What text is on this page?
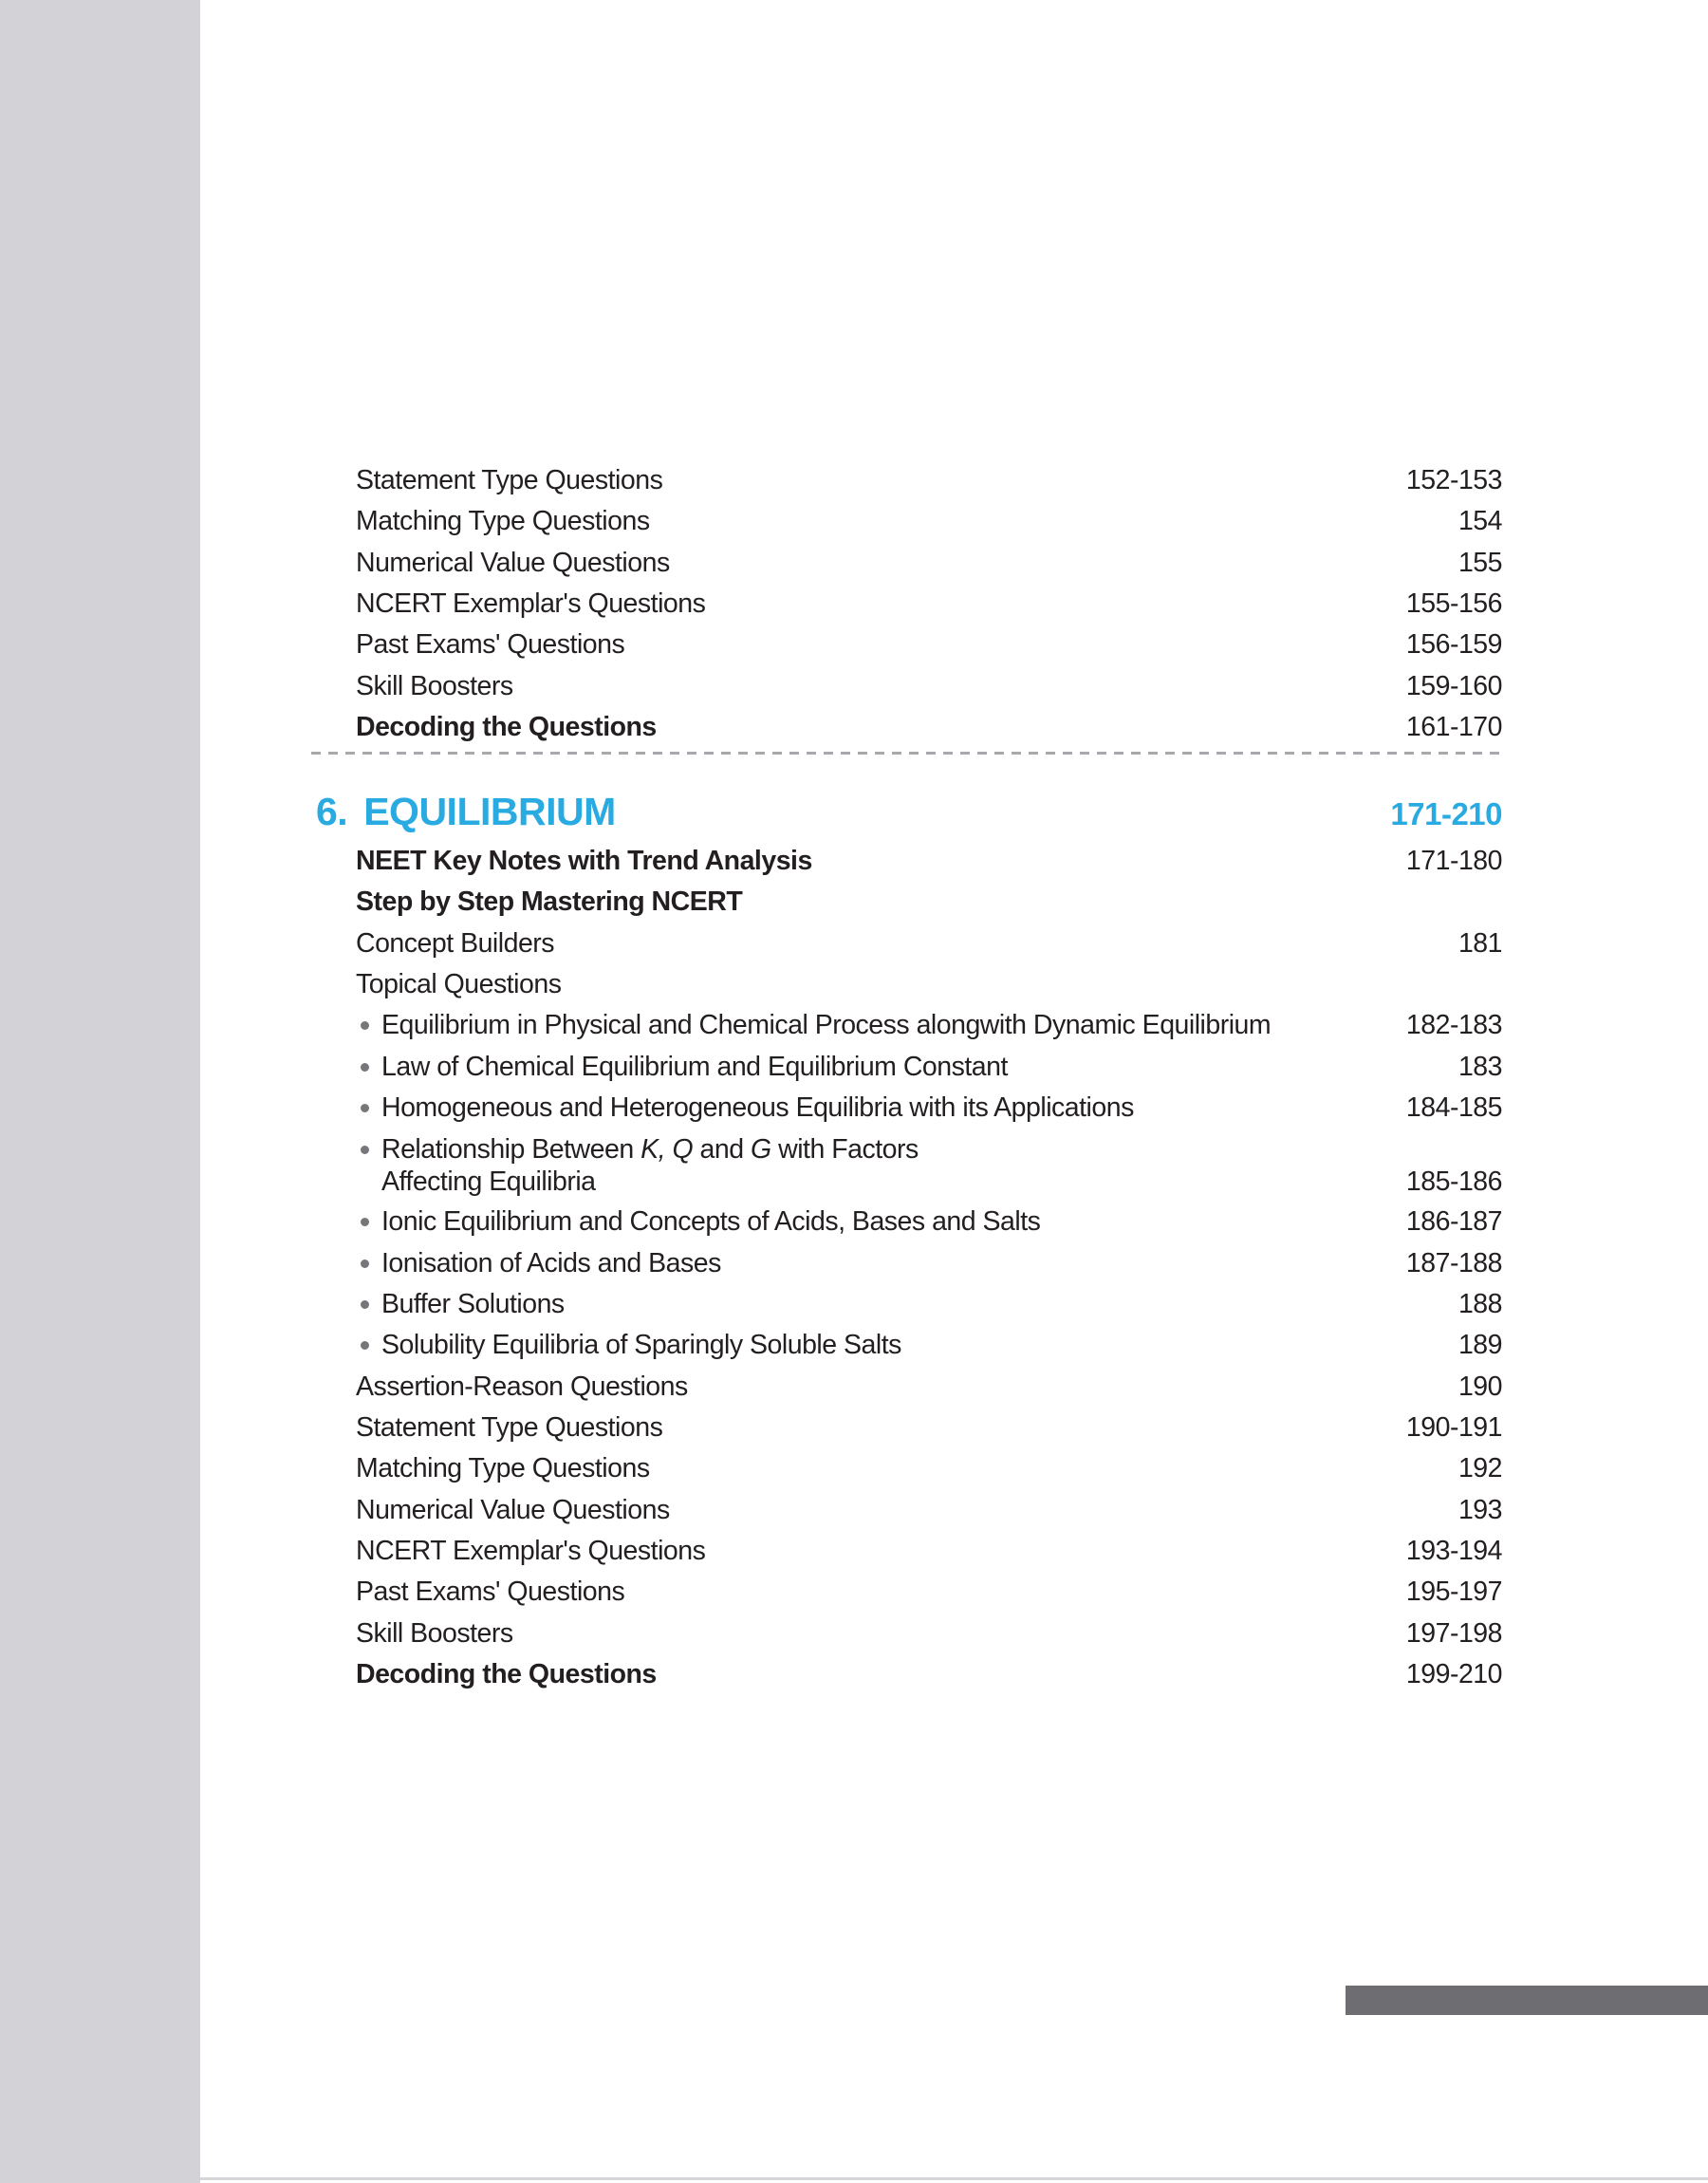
Statement Type Questions	152-153
Matching Type Questions	154
Numerical Value Questions	155
NCERT Exemplar's Questions	155-156
Past Exams' Questions	156-159
Skill Boosters	159-160
Decoding the Questions	161-170
6. EQUILIBRIUM	171-210
NEET Key Notes with Trend Analysis	171-180
Step by Step Mastering NCERT
Concept Builders	181
Topical Questions
Equilibrium in Physical and Chemical Process alongwith Dynamic Equilibrium	182-183
Law of Chemical Equilibrium and Equilibrium Constant	183
Homogeneous and Heterogeneous Equilibria with its Applications	184-185
Relationship Between K, Q and G with Factors
Affecting Equilibria	185-186
Ionic Equilibrium and Concepts of Acids, Bases and Salts	186-187
Ionisation of Acids and Bases	187-188
Buffer Solutions	188
Solubility Equilibria of Sparingly Soluble Salts	189
Assertion-Reason Questions	190
Statement Type Questions	190-191
Matching Type Questions	192
Numerical Value Questions	193
NCERT Exemplar's Questions	193-194
Past Exams' Questions	195-197
Skill Boosters	197-198
Decoding the Questions	199-210
